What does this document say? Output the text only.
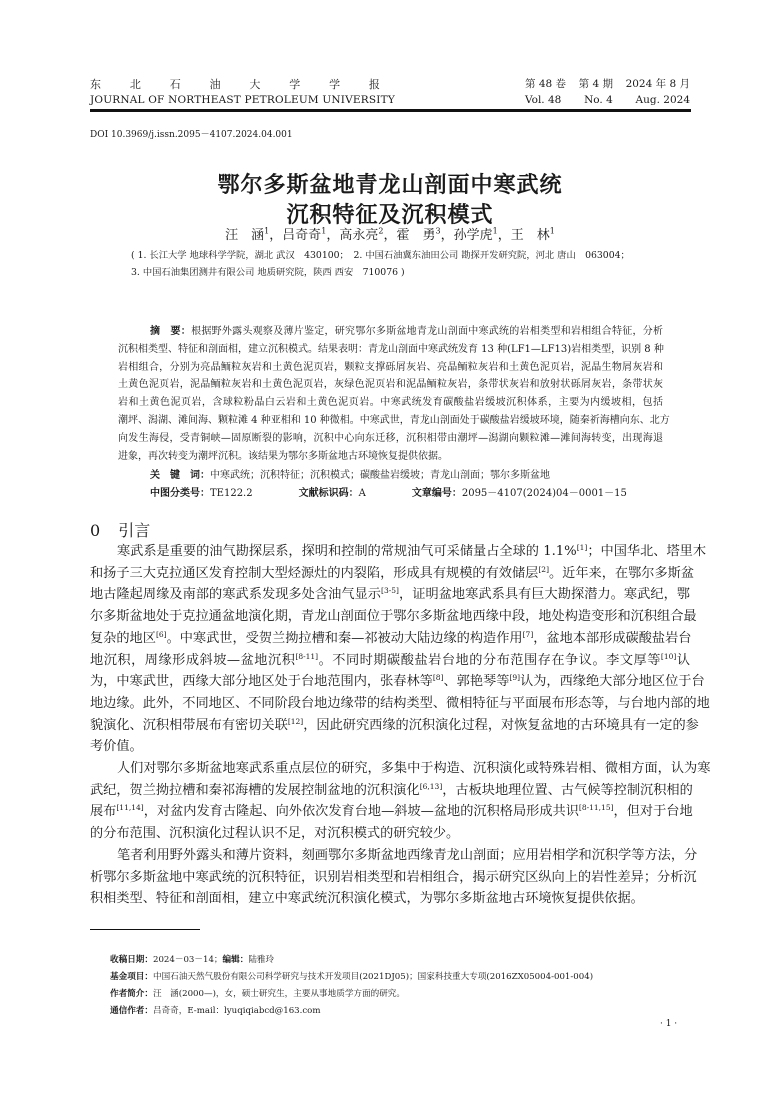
东	北	石	油	大	学	学	报
JOURNAL OF NORTHEAST PETROLEUM UNIVERSITY
第 48 卷 第 4 期 2024 年 8 月
Vol. 48 No. 4 Aug. 2024
DOI 10.3969/j.issn.2095－4107.2024.04.001
鄂尔多斯盆地青龙山剖面中寒武统
沉积特征及沉积模式
汪　涵$^1$，吕奇奇$^1$，高永亮$^2$，霍　勇$^3$，孙学虎$^1$，王　林$^1$
( 1. 长江大学 地球科学学院，湖北 武汉　430100；　2. 中国石油冀东油田公司 勘探开发研究院，河北 唐山　063004；
3. 中国石油集团测井有限公司 地质研究院，陕西 西安　710076 )
摘　要：根据野外露头观察及薄片鉴定，研究鄂尔多斯盆地青龙山剖面中寒武统的岩相类型和岩相组合特征，分析
沉积相类型、特征和剖面相，建立沉积模式。结果表明：青龙山剖面中寒武统发育 13 种(LF1—LF13)岩相类型，识别 8 种
岩相组合，分别为亮晶鲕粒灰岩和土黄色泥页岩，颗粒支撑砾屑灰岩、亮晶鲕粒灰岩和土黄色泥页岩，泥晶生物屑灰岩和
土黄色泥页岩，泥晶鲕粒灰岩和土黄色泥页岩，灰绿色泥页岩和泥晶鲕粒灰岩，条带状灰岩和放射状砾屑灰岩，条带状灰
岩和土黄色泥页岩，含球粒粉晶白云岩和土黄色泥页岩。中寒武统发育碳酸盐岩缓坡沉积体系，主要为内缓坡相，包括
潮坪、潟湖、滩间海、颗粒滩 4 种亚相和 10 种微相。中寒武世，青龙山剖面处于碳酸盐岩缓坡环境，随秦祈海槽向东、北方
向发生海侵，受青铜峡—固原断裂的影响，沉积中心向东迁移，沉积相带由潮坪—潟湖向颗粒滩—滩间海转变，出现海退
进象，再次转变为潮坪沉积。该结果为鄂尔多斯盆地古环境恢复提供依据。
关　键　词：中寒武统；沉积特征；沉积模式；碳酸盐岩缓坡；青龙山剖面；鄂尔多斯盆地
中图分类号：TE122.2	文献标识码：A	文章编号：2095－4107(2024)04－0001－15
0 引言
寒武系是重要的油气勘探层系，探明和控制的常规油气可采储量占全球的 1.1%[1]；中国华北、塔里木
和扬子三大克拉通区发育控制大型烃源灶的内裂陷，形成具有规模的有效储层[2]。近年来，在鄂尔多斯盆
地古隆起周缘及南部的寒武系发现多处含油气显示[3-5]，证明盆地寒武系具有巨大勘探潜力。寒武纪，鄂
尔多斯盆地处于克拉通盆地演化期，青龙山剖面位于鄂尔多斯盆地西缘中段，地处构造变形和沉积组合最
复杂的地区[6]。中寒武世，受贺兰拗拉槽和秦—祁被动大陆边缘的构造作用[7]，盆地本部形成碳酸盐岩台
地沉积，周缘形成斜坡—盆地沉积[8-11]。不同时期碳酸盐岩台地的分布范围存在争议。李文厚等[10]认
为，中寒武世，西缘大部分地区处于台地范围内，张春林等[8]、郭艳琴等[9]认为，西缘绝大部分地区位于台
地边缘。此外，不同地区、不同阶段台地边缘带的结构类型、微相特征与平面展布形态等，与台地内部的地
貌演化、沉积相带展布有密切关联[12]，因此研究西缘的沉积演化过程，对恢复盆地的古环境具有一定的参
考价值。
人们对鄂尔多斯盆地寒武系重点层位的研究，多集中于构造、沉积演化或特殊岩相、微相方面，认为寒
武纪，贺兰拗拉槽和秦祁海槽的发展控制盆地的沉积演化[6,13]，古板块地理位置、古气候等控制沉积相的
展布[11,14]，对盆内发育古隆起、向外依次发育台地—斜坡—盆地的沉积格局形成共识[8-11,15]，但对于台地
的分布范围、沉积演化过程认识不足，对沉积模式的研究较少。
笔者利用野外露头和薄片资料，刻画鄂尔多斯盆地西缘青龙山剖面；应用岩相学和沉积学等方法，分
析鄂尔多斯盆地中寒武统的沉积特征，识别岩相类型和岩相组合，揭示研究区纵向上的岩性差异；分析沉
积相类型、特征和剖面相，建立中寒武统沉积演化模式，为鄂尔多斯盆地古环境恢复提供依据。
收稿日期：2024－03－14；编辑：陆雅玲
基金项目：中国石油天然气股份有限公司科学研究与技术开发项目(2021DJ05)；国家科技重大专项(2016ZX05004-001-004)
作者简介：汪　涵(2000—)，女，硕士研究生，主要从事地质学方面的研究。
通信作者：吕奇奇，E-mail：lyuqiqiabcd@163.com
· 1 ·
